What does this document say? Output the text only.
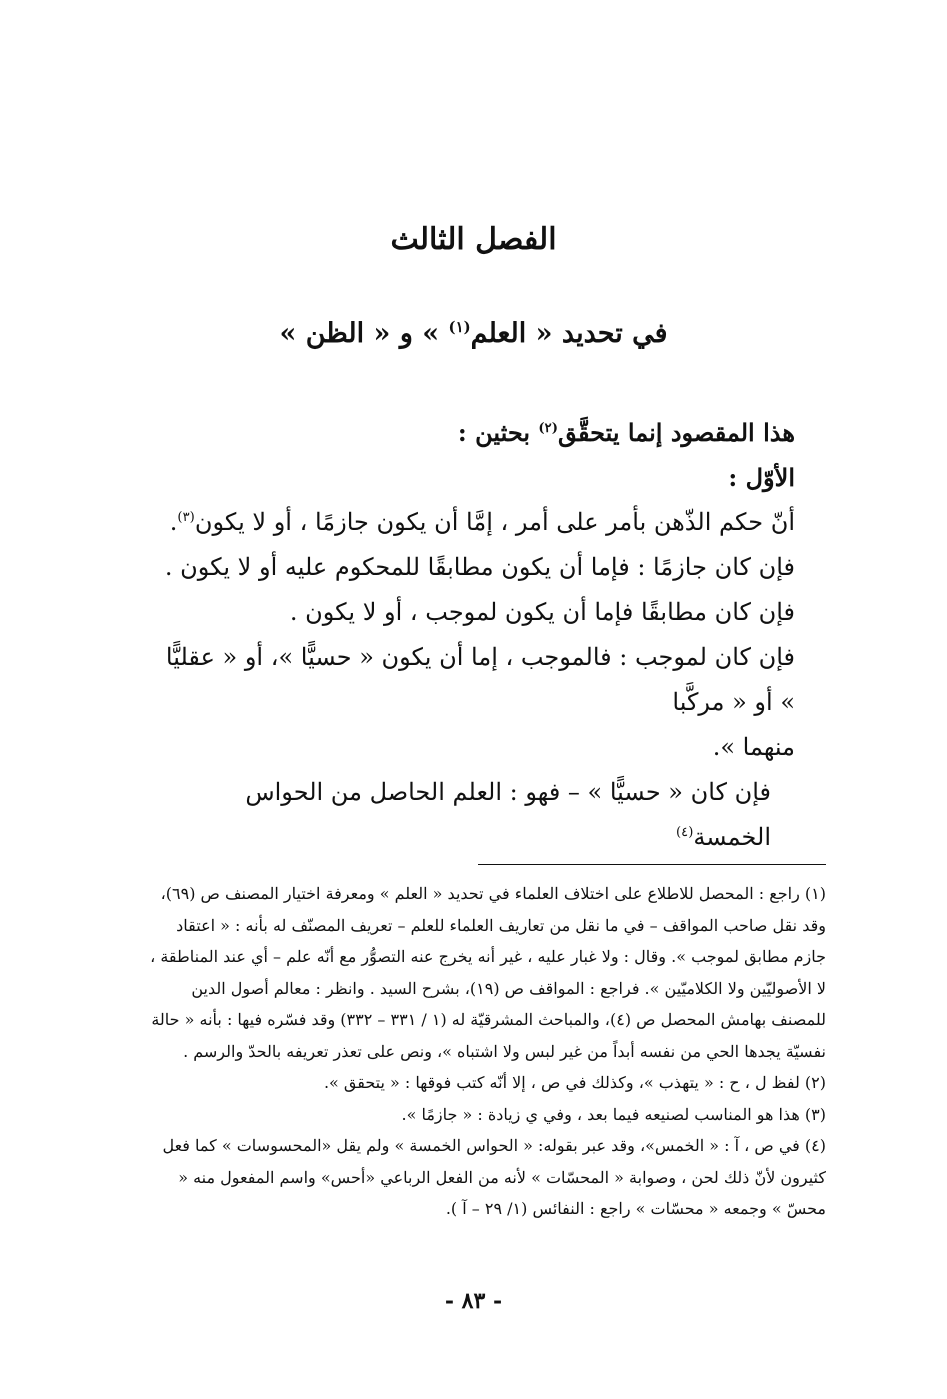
الفصل الثالث
في تحديد « العلم$^{(١)}$ » و « الظن »

هذا المقصود إنما يتحقَّق$^{(٢)}$ بحثين :

الأوّل :

أنّ حكم الذّهن بأمر على أمر ، إمَّا أن يكون جازمًا ، أو لا يكون$^{(٣)}$.

فإن كان جازمًا : فإما أن يكون مطابقًا للمحكوم عليه أو لا يكون .

فإن كان مطابقًا فإما أن يكون لموجب ، أو لا يكون .

فإن كان لموجب : فالموجب ، إما أن يكون « حسيًّا »، أو « عقليًّا » أو « مركَّبا

منهما ».

فإن كان « حسيًّا » – فهو : العلم الحاصل من الحواس الخمسة$^{(٤)}$

(١) راجع : المحصل للاطلاع على اختلاف العلماء في تحديد « العلم » ومعرفة اختيار المصنف ص (٦٩)، وقد نقل صاحب المواقف – في ما نقل من تعاريف العلماء للعلم – تعريف المصنّف له بأنه : « اعتقاد جازم مطابق لموجب ». وقال : ولا غبار عليه ، غير أنه يخرج عنه التصوُّر مع أنّه علم – أي عند المناطقة ، لا الأصوليّين ولا الكلاميّين ». فراجع : المواقف ص (١٩)، بشرح السيد . وانظر : معالم أصول الدين للمصنف بهامش المحصل ص (٤)، والمباحث المشرقيّة له (١ / ٣٣١ – ٣٣٢) وقد فسّره فيها : بأنه « حالة نفسيّة يجدها الحي من نفسه أبداً من غير لبس ولا اشتباه »، ونص على تعذر تعريفه بالحدّ والرسم .

(٢) لفظ ل ، ح : « يتهذب »، وكذلك في ص ، إلا أنّه كتب فوقها : « يتحقق ».

(٣) هذا هو المناسب لصنيعه فيما بعد ، وفي ي زيادة : « جازمًا ».

(٤) في ص ، آ : « الخمس»، وقد عبر بقوله: « الحواس الخمسة » ولم يقل «المحسوسات » كما فعل كثيرون لأنّ ذلك لحن ، وصوابة « المحسّات » لأنه من الفعل الرباعي «أحس» واسم المفعول منه « محسّ » وجمعه « محسّات » راجع : النفائس (١/ ٢٩ – آ ).

- ٨٣ -
